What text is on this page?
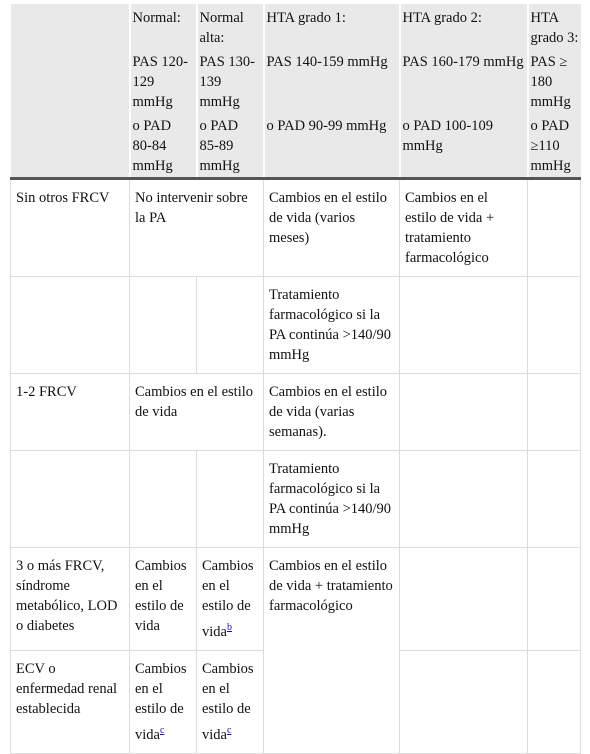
	Normal:	Normal alta:	HTA grado 1:	HTA grado 2:	HTA grado 3:
	PAS 120-129 mmHg	PAS 130-139 mmHg	PAS 140-159 mmHg	PAS 160-179 mmHg	PAS ≥ 180 mmHg
	o PAD 80-84 mmHg	o PAD 85-89 mmHg	o PAD 90-99 mmHg	o PAD 100-109 mmHg	o PAD ≥110 mmHg
Sin otros FRCV	No intervenir sobre la PA		Cambios en el estilo de vida (varios meses)	Cambios en el estilo de vida + tratamiento farmacológico	
			Tratamiento farmacológico si la PA continúa >140/90 mmHg		
1-2 FRCV	Cambios en el estilo de vida		Cambios en el estilo de vida (varias semanas).		
			Tratamiento farmacológico si la PA continúa >140/90 mmHg		
3 o más FRCV, síndrome metabólico, LOD o diabetes	Cambios en el estilo de vida	Cambios en el estilo de vida$^b$	Cambios en el estilo de vida + tratamiento farmacológico		
ECV o enfermedad renal establecida	Cambios en el estilo de vida$^c$	Cambios en el estilo de vida$^c$		
